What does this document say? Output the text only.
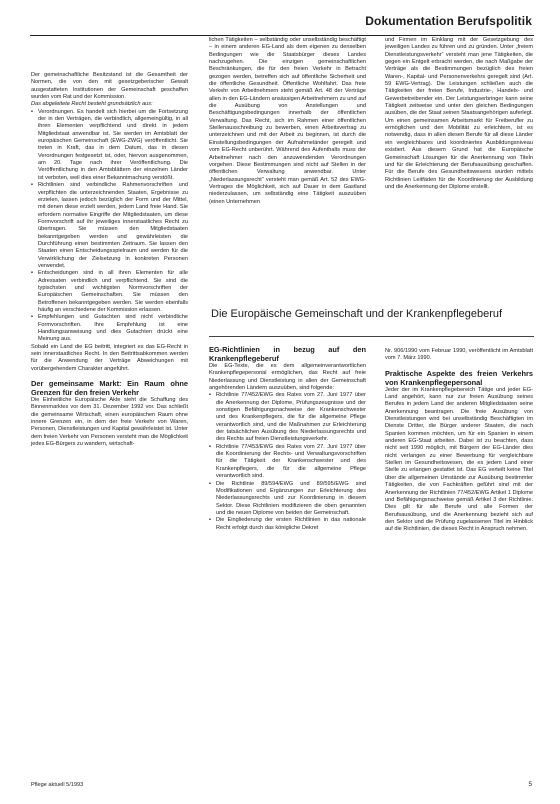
Dokumentation Berufspolitik

Der gemeinschaftliche Besitzstand ist die Gesamtheit der Normen, die von den mit gesetzgeberischer Gewalt ausgestatteten Institutionen der Gemeinschaft geschaffen wurden vom Rat und der Kommission.

Das abgeleitete Recht besteht grundsätzlich aus:

• Verordnungen. Es handelt sich hierbei um die Fortsetzung der in den Verträgen, die verbindlich, allgemeingültig, in all ihren Elementen verpflichtend und direkt in jedem Mitgliedstaat anwendbar ist. Sie werden im Amtsblatt der europäischen Gemeinschaft (EWG-ZWG) veröffentlicht. Sie treten in Kraft, das in dem Datum, das in diesen Verordnungen festgesetzt ist, oder, hiervon ausgenommen, am 20. Tage nach ihrer Veröffentlichung. Die Veröffentlichung in den Amtsblättern der einzelnen Länder ist verboten, weil dies einer Bekanntmachung verstößt.
• Richtlinien sind verbindliche Rahmenvorschriften und verpflichten die unterzeichnenden Staaten, Ergebnisse zu erzielen, lassen jedoch bezüglich der Form und der Mittel, mit denen diese erzielt werden, jedem Land freie Hand. Sie erfordern normative Eingriffe der Mitgliedstaaten, um diese Formvorschrift auf ihr jeweiliges innerstaatliches Recht zu übertragen. Sie müssen den Mitgliedstaaten bekanntgegeben werden und gewährleisten die Durchführung einen bestimmten Zeitraum. Sie lassen den Staaten einen Entscheidungsspielraum und werden für die Verwirklichung der Zielsetzung in konkreten Personen verwendet.
• Entscheidungen sind in all ihren Elementen für alle Adressaten verbindlich und verpflichtend. Sie sind die typischsten und wichtigsten Normvorschriften der Europäischen Gemeinschaften. Sie müssen den Betroffenen bekanntgegeben werden. Sie werden ebenfalls häufig an verschiedene der Kommission erlassen.
• Empfehlungen und Gutachten sind nicht verbindliche Formvorschriften. Ihre Empfehlung ist eine Handlungsanweisung und dies Gutachten drückt eine Meinung aus.

Sobald ein Land die EG beitritt, integriert es das EG-Recht in sein innerstaatliches Recht. In den Beitrittsabkommen werden für die Anwendung der Verträge Abweichungen mit vorübergehendem Charakter angeführt.

Der gemeinsame Markt: Ein Raum ohne Grenzen für den freien Verkehr

Die Einheitliche Europäische Akte sieht die Schaffung des Binnenmarktes vor dem 31. Dezember 1992 vor. Das schließt die gemeinsame Wirtschaft, einen europäischen Raum ohne innere Grenzen ein, in dem der freie Verkehr von Waren, Personen, Dienstleistungen und Kapital gewährleistet ist. Unter dem freien Verkehr von Personen versteht man die Möglichkeit jedes EG-Bürgers zu wandern, wirtschaft-

lichen Tätigkeiten – selbständig oder unselbständig beschäftigt – in einem anderen EG-Land als dem eigenen zu denselben Bedingungen wie die Staatsbürger dieses Landes nachzugehen. Die einzigen gemeinschaftlichen Beschränkungen, die für den freien Verkehr in Betracht gezogen werden, betreffen sich auf öffentliche Sicherheit und die öffentliche Gesundheit. Öffentliche Wohlfahrt. Das freie Verkehr von Arbeitnehmern steht gemäß Art. 48 der Verträge allen in den EG-Ländern ansässigen Arbeitnehmern zu und auf die Ausübung von Anstellungen und Beschäftigungsbedingungen innerhalb der öffentlichen Verwaltung. Das Recht, sich im Rahmen einer öffentlichen Stellenausschreibung zu bewerben, einen Arbeitsvertrag zu unterzeichnen und mit der Arbeit zu beginnen, ist durch die Einstellungsbedingungen der Aufnahmeländer geregelt und vom EG-Recht unberührt. Während des Aufenthalts muss der Arbeitnehmer nach den anzuwendenden Verordnungen vorgehen. Diese Bestimmungen sind nicht auf Stellen in der öffentlichen Verwaltung anwendbar. Unter „Niederlassungsrecht“ versteht man gemäß Art. 52 des EWG-Vertrages die Möglichkeit, sich auf Dauer in dem Gastland niederzulassen, um selbständig eine Tätigkeit auszuüben (einen Unternehmen

und Firmen im Einklang mit der Gesetzgebung des jeweiligen Landes zu führen und zu gründen. Unter „freiem Dienstleistungsverkehr“ versteht man jene Tätigkeiten, die gegen ein Entgelt erbracht werden, die nach Maßgabe der Verträge als die Bestimmungen bezüglich des freien Waren-, Kapital- und Personenverkehrs geregelt sind (Art. 59 EWG-Vertrag). Die Leistungen schließen auch die Tätigkeiten der freien Berufe, Industrie-, Handels- und Gewerbetreibender ein. Der Leistungserbringer kann seine Tätigkeit zeitweise und unter den gleichen Bedingungen ausüben, die der Staat seinen Staatsangehörigen auferlegt. Um einen gemeinsamen Arbeitsmarkt für Freiberufler zu ermöglichen und den Mobilität zu erleichtern, ist es notwendig, dass in allen diesen Berufe für all diese Länder ein vergleichbares und koordiniertes Ausbildungsniveau existiert. Aus diesem Grund hat die Europäische Gemeinschaft Lösungen für die Anerkennung von Titeln und für die Erleichterung der Berufsausübung geschaffen. Für die Berufe des Gesundheitswesens wurden mittels Richtlinien Leitfäden für die Koordinierung der Ausbildung und die Anerkennung der Diplome erstellt.

Die Europäische Gemeinschaft und der Krankenpflegeberuf
EG-Richtlinien in bezug auf den Krankenpflegeberuf

Die EG-Texte, die es dem allgemeinverantwortlichen Krankenpflegepersonal ermöglichen, das Recht auf freie Niederlassung und Dienstleistung in allen der Gemeinschaft angehörenden Ländern auszuüben, sind folgende:

• Richtlinie 77/452/EWG des Rates vom 27. Juni 1977 über die Anerkennung der Diplome, Prüfungszeugnisse und der sonstigen Befähigungsnachweise der Krankenschwester und des Krankenpflegers, die für die allgemeine Pflege verantwortlich sind, und die Maßnahmen zur Erleichterung der tatsächlichen Ausübung des Niederlassungsrechts und des Rechts auf freien Dienstleistungsverkehr.
• Richtlinie 77/453/EWG des Rates vom 27. Juni 1977 über die Koordinierung der Rechts- und Verwaltungsvorschriften für die Tätigkeit der Krankenschwester und des Krankenpflegers, die für die allgemeine Pflege verantwortlich sind.
• Die Richtlinie 89/594/EWG und 89/595/EWG sind Modifikationen und Ergänzungen zur Erleichterung des Niederlassungsrechts und zur Koordinierung in diesem Sektor. Diese Richtlinien modifizieren die oben genannten und die neuen Diplome von beiden der Gemeinschaft.
• Die Eingliederung der ersten Richtlinien in das nationale Recht erfolgt durch das königliche Dekret

Nr. 906/1990 vom Februar 1990, veröffentlicht im Amtsblatt vom 7. März 1990.

Praktische Aspekte des freien Verkehrs von Krankenpflegepersonal

Jeder der im Krankenpflegebereich Tätige und jeder EG-Land angehört, kann nur zur freien Ausübung seines Berufes in jedem Land der anderen Mitgliedstaaten seine Anerkennung beantragen. Die freie Ausübung von Dienstleistungen wird bei unselbständig Beschäftigten im Dienste Dritter, die Bürger anderer Staaten, die nach Spanien kommen möchten, um für ein Spanien in einem anderen EG-Staat arbeiten. Dabei ist zu beachten, dass nicht seit 1990 möglich, mit Bürgern der EG-Länder dies nicht verlangen zu einer Bewerbung für vergleichbare Stellen im Gesundheitswesen, die es jedem Land einer Stelle zu erlangen gestattet ist. Das EG verteilt keine Titel über die allgemeinen Umstände zur Ausübung bestimmter Tätigkeiten, die von Fachkräften geführt sind mit der Anerkennung der Richtlinien 77/452/EWG Artikel 1 Diplome und Befähigungsnachweise gemäß Artikel 3 der Richtlinie. Dies gilt für alle Berufe und alle Formen der Berufsausübung, und die Anerkennung bezieht sich auf den Sektor und die Prüfung zugelassenen Titel im Hinblick auf die Richtlinien, die dieses Recht in Anspruch nehmen.

Pflege aktuell 5/1993	5
